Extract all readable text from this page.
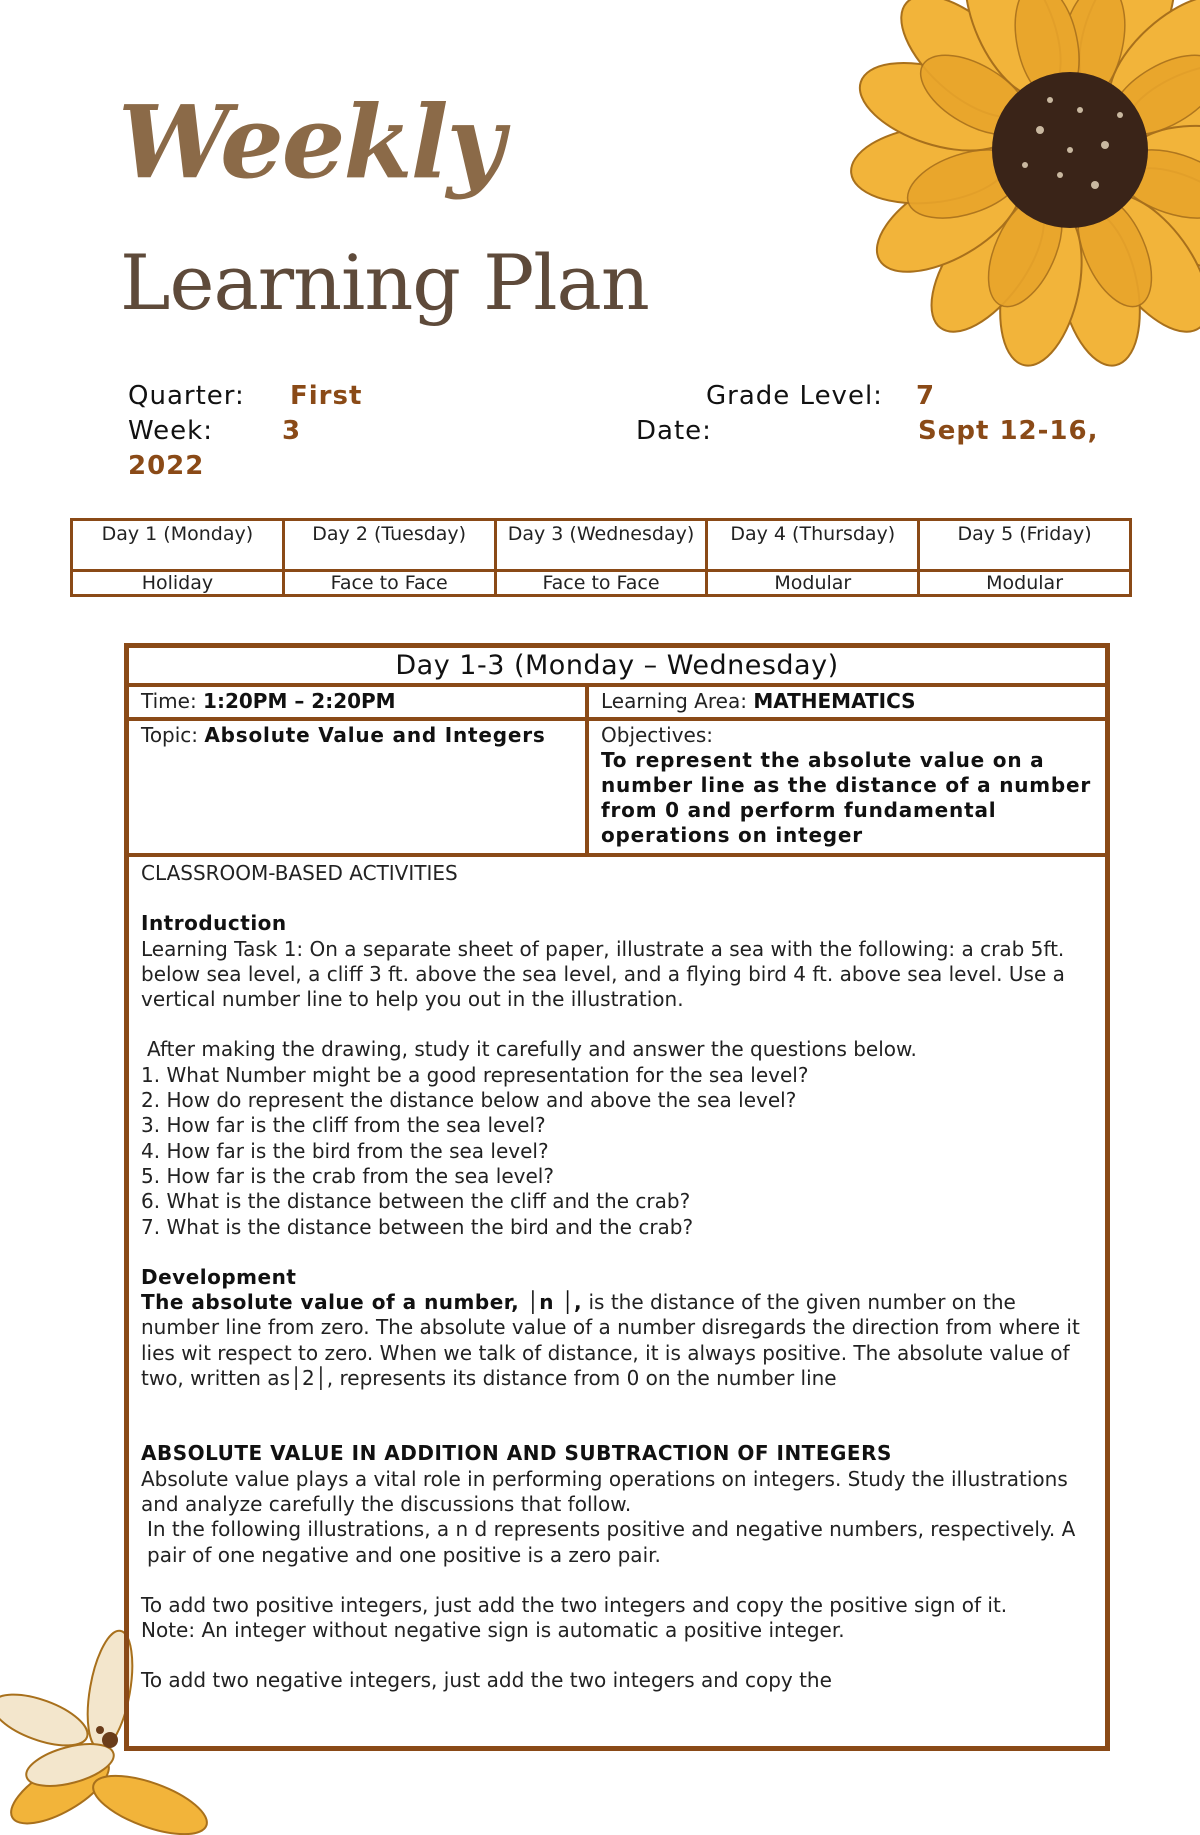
Weekly
Learning Plan
Quarter: First	Grade Level: 7
Week:	3	Date:	Sept 12-16,
2022
Day 1 (Monday)	Day 2 (Tuesday)	Day 3 (Wednesday)	Day 4 (Thursday)	Day 5 (Friday)
Holiday	Face to Face	Face to Face	Modular	Modular
Day 1-3 (Monday – Wednesday)
Time: 1:20PM – 2:20PM	Learning Area: MATHEMATICS
Topic: Absolute Value and Integers	Objectives:
To represent the absolute value on a number line as the distance of a number from 0 and perform fundamental operations on integer

CLASSROOM-BASED ACTIVITIES

Introduction

Learning Task 1: On a separate sheet of paper, illustrate a sea with the following: a crab 5ft. below sea level, a cliff 3 ft. above the sea level, and a flying bird 4 ft. above sea level. Use a vertical number line to help you out in the illustration.

After making the drawing, study it carefully and answer the questions below.

1. What Number might be a good representation for the sea level?

2. How do represent the distance below and above the sea level?

3. How far is the cliff from the sea level?

4. How far is the bird from the sea level?

5. How far is the crab from the sea level?

6. What is the distance between the cliff and the crab?

7. What is the distance between the bird and the crab?

Development

The absolute value of a number, │n │, is the distance of the given number on the number line from zero. The absolute value of a number disregards the direction from where it lies wit respect to zero. When we talk of distance, it is always positive. The absolute value of two, written as│2│, represents its distance from 0 on the number line

ABSOLUTE VALUE IN ADDITION AND SUBTRACTION OF INTEGERS

Absolute value plays a vital role in performing operations on integers. Study the illustrations and analyze carefully the discussions that follow.

In the following illustrations, a n d represents positive and negative numbers, respectively. A pair of one negative and one positive is a zero pair.

To add two positive integers, just add the two integers and copy the positive sign of it.

Note: An integer without negative sign is automatic a positive integer.

To add two negative integers, just add the two integers and copy the
